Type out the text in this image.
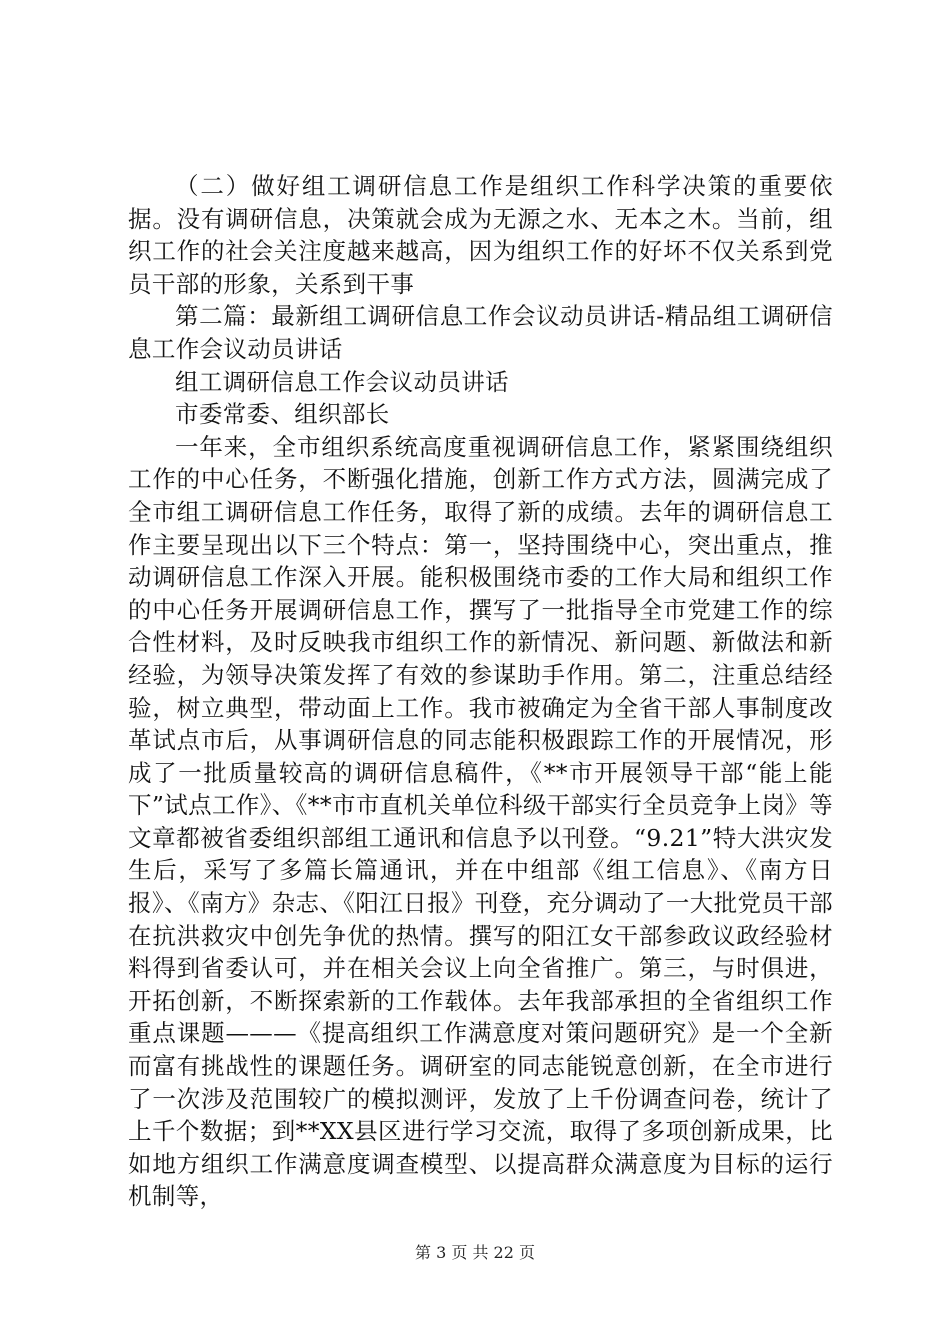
（二）做好组工调研信息工作是组织工作科学决策的重要依据。没有调研信息，决策就会成为无源之水、无本之木。当前，组织工作的社会关注度越来越高，因为组织工作的好坏不仅关系到党员干部的形象，关系到干事

第二篇：最新组工调研信息工作会议动员讲话-精品组工调研信息工作会议动员讲话

组工调研信息工作会议动员讲话

市委常委、组织部长

一年来，全市组织系统高度重视调研信息工作，紧紧围绕组织工作的中心任务，不断强化措施，创新工作方式方法，圆满完成了全市组工调研信息工作任务，取得了新的成绩。去年的调研信息工作主要呈现出以下三个特点：第一，坚持围绕中心，突出重点，推动调研信息工作深入开展。能积极围绕市委的工作大局和组织工作的中心任务开展调研信息工作，撰写了一批指导全市党建工作的综合性材料，及时反映我市组织工作的新情况、新问题、新做法和新经验，为领导决策发挥了有效的参谋助手作用。第二，注重总结经验，树立典型，带动面上工作。我市被确定为全省干部人事制度改革试点市后，从事调研信息的同志能积极跟踪工作的开展情况，形成了一批质量较高的调研信息稿件，《**市开展领导干部“能上能下”试点工作》、《**市市直机关单位科级干部实行全员竞争上岗》等文章都被省委组织部组工通讯和信息予以刊登。“9.21”特大洪灾发生后，采写了多篇长篇通讯，并在中组部《组工信息》、《南方日报》、《南方》杂志、《阳江日报》刊登，充分调动了一大批党员干部在抗洪救灾中创先争优的热情。撰写的阳江女干部参政议政经验材料得到省委认可，并在相关会议上向全省推广。第三，与时俱进，开拓创新，不断探索新的工作载体。去年我部承担的全省组织工作重点课题———《提高组织工作满意度对策问题研究》是一个全新而富有挑战性的课题任务。调研室的同志能锐意创新，在全市进行了一次涉及范围较广的模拟测评，发放了上千份调查问卷，统计了上千个数据；到**XX县区进行学习交流，取得了多项创新成果，比如地方组织工作满意度调查模型、以提高群众满意度为目标的运行机制等，

第 3 页 共 22 页
